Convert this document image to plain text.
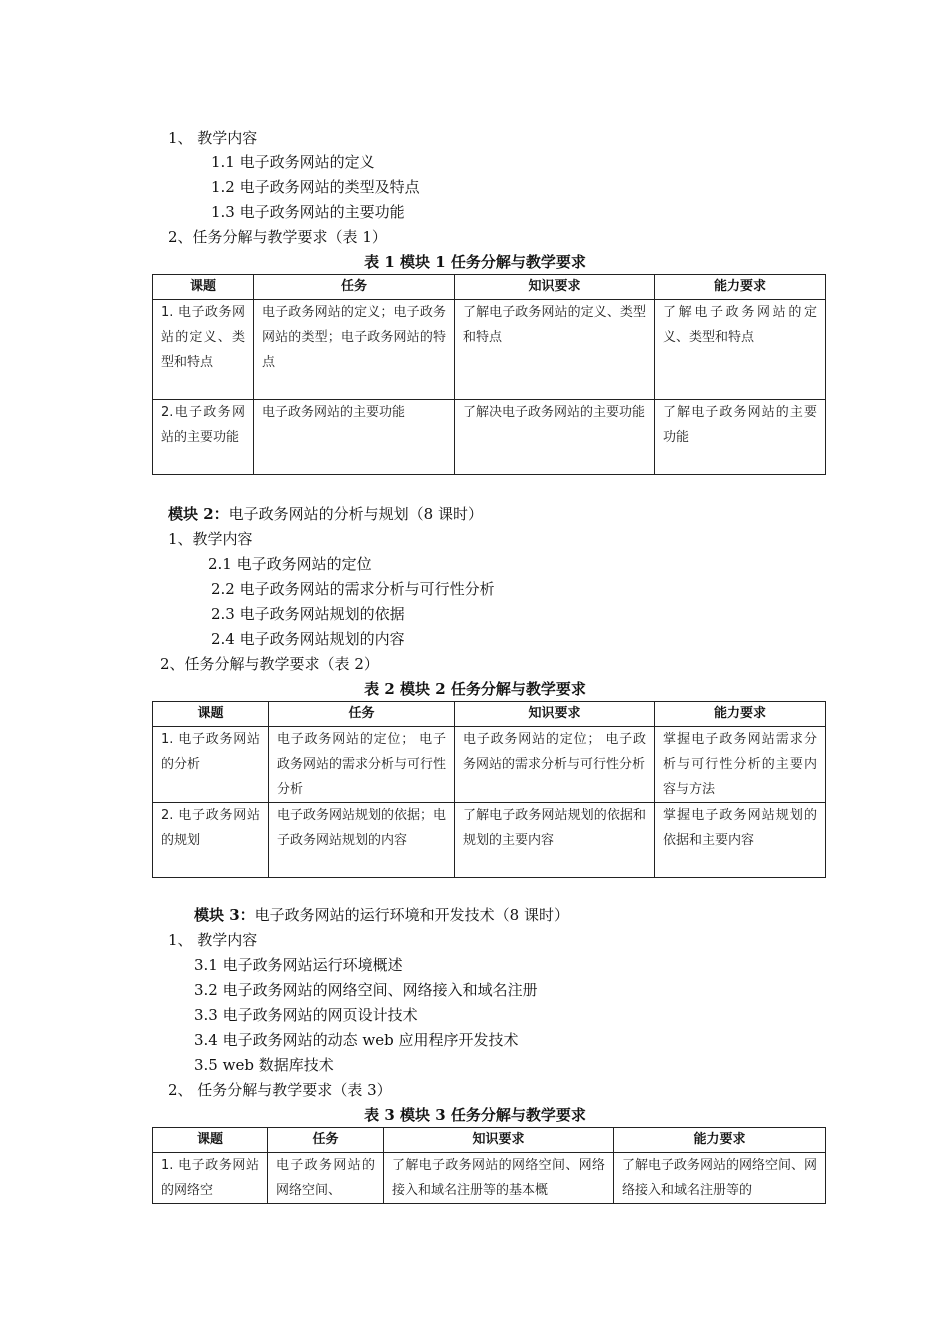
1、 教学内容
1.1 电子政务网站的定义
1.2 电子政务网站的类型及特点
1.3 电子政务网站的主要功能
2、任务分解与教学要求（表 1）
表 1 模块 1 任务分解与教学要求
课题	任务	知识要求	能力要求
1. 电子政务网站的定义、类型和特点	电子政务网站的定义；电子政务网站的类型；电子政务网站的特点	了解电子政务网站的定义、类型和特点	了解电子政务网站的定义、类型和特点
2.电子政务网站的主要功能	电子政务网站的主要功能	了解决电子政务网站的主要功能	了解电子政务网站的主要功能
模块 2：电子政务网站的分析与规划（8 课时）
1、教学内容
2.1 电子政务网站的定位
2.2 电子政务网站的需求分析与可行性分析
2.3 电子政务网站规划的依据
2.4 电子政务网站规划的内容
2、任务分解与教学要求（表 2）
表 2 模块 2 任务分解与教学要求
课题	任务	知识要求	能力要求
1. 电子政务网站的分析	电子政务网站的定位； 电子政务网站的需求分析与可行性分析	电子政务网站的定位； 电子政务网站的需求分析与可行性分析	掌握电子政务网站需求分析与可行性分析的主要内容与方法
2. 电子政务网站的规划	电子政务网站规划的依据；电子政务网站规划的内容	了解电子政务网站规划的依据和规划的主要内容	掌握电子政务网站规划的依据和主要内容
模块 3：电子政务网站的运行环境和开发技术（8 课时）
1、 教学内容
3.1 电子政务网站运行环境概述
3.2 电子政务网站的网络空间、网络接入和域名注册
3.3 电子政务网站的网页设计技术
3.4 电子政务网站的动态 web 应用程序开发技术
3.5 web 数据库技术
2、 任务分解与教学要求（表 3）
表 3 模块 3 任务分解与教学要求
课题	任务	知识要求	能力要求
1. 电子政务网站的网络空	电子政务网站的网络空间、	了解电子政务网站的网络空间、网络接入和域名注册等的基本概	了解电子政务网站的网络空间、网络接入和域名注册等的
